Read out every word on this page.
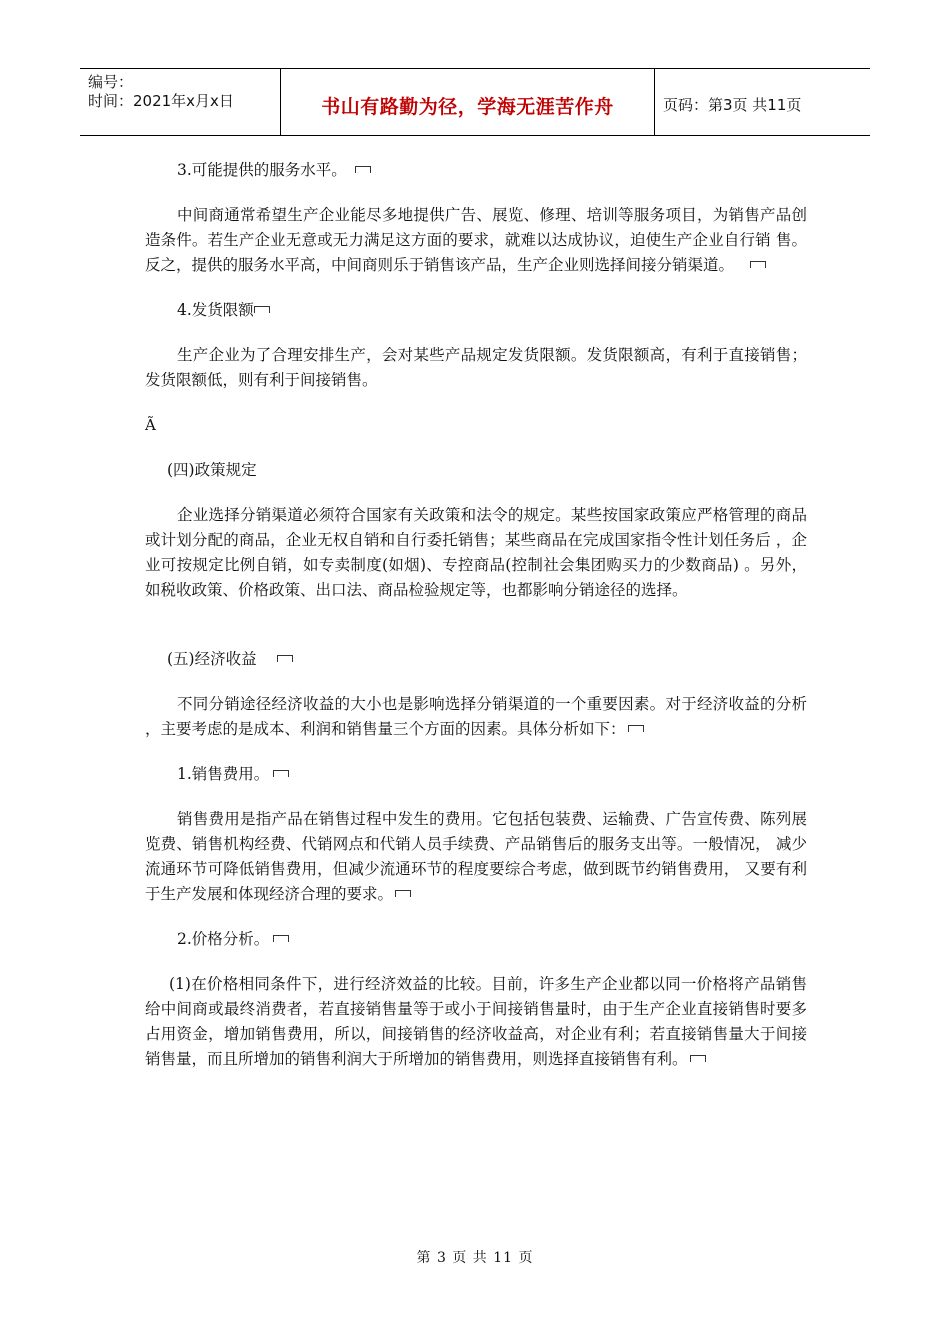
编号：
时间：2021年x月x日	书山有路勤为径，学海无涯苦作舟	页码：第3页 共11页

3.可能提供的服务水平。

中间商通常希望生产企业能尽多地提供广告、展览、修理、培训等服务项目，为销售产品创造条件。若生产企业无意或无力满足这方面的要求，就难以达成协议，迫使生产企业自行销 售。反之，提供的服务水平高，中间商则乐于销售该产品，生产企业则选择间接分销渠道。

4.发货限额

生产企业为了合理安排生产，会对某些产品规定发货限额。发货限额高，有利于直接销售； 发货限额低，则有利于间接销售。

Ã

(四)政策规定

企业选择分销渠道必须符合国家有关政策和法令的规定。某些按国家政策应严格管理的商品或计划分配的商品，企业无权自销和自行委托销售；某些商品在完成国家指令性计划任务后 ，企业可按规定比例自销，如专卖制度(如烟)、专控商品(控制社会集团购买力的少数商品) 。另外，如税收政策、价格政策、出口法、商品检验规定等，也都影响分销途径的选择。

(五)经济收益

不同分销途径经济收益的大小也是影响选择分销渠道的一个重要因素。对于经济收益的分析 ，主要考虑的是成本、利润和销售量三个方面的因素。具体分析如下：

1.销售费用。

销售费用是指产品在销售过程中发生的费用。它包括包装费、运输费、广告宣传费、陈列展览费、销售机构经费、代销网点和代销人员手续费、产品销售后的服务支出等。一般情况， 减少流通环节可降低销售费用，但减少流通环节的程度要综合考虑，做到既节约销售费用， 又要有利于生产发展和体现经济合理的要求。

2.价格分析。

(1)在价格相同条件下，进行经济效益的比较。目前，许多生产企业都以同一价格将产品销售给中间商或最终消费者，若直接销售量等于或小于间接销售量时，由于生产企业直接销售时要多占用资金，增加销售费用，所以，间接销售的经济收益高，对企业有利；若直接销售量大于间接销售量，而且所增加的销售利润大于所增加的销售费用，则选择直接销售有利。

第 3 页 共 11 页
